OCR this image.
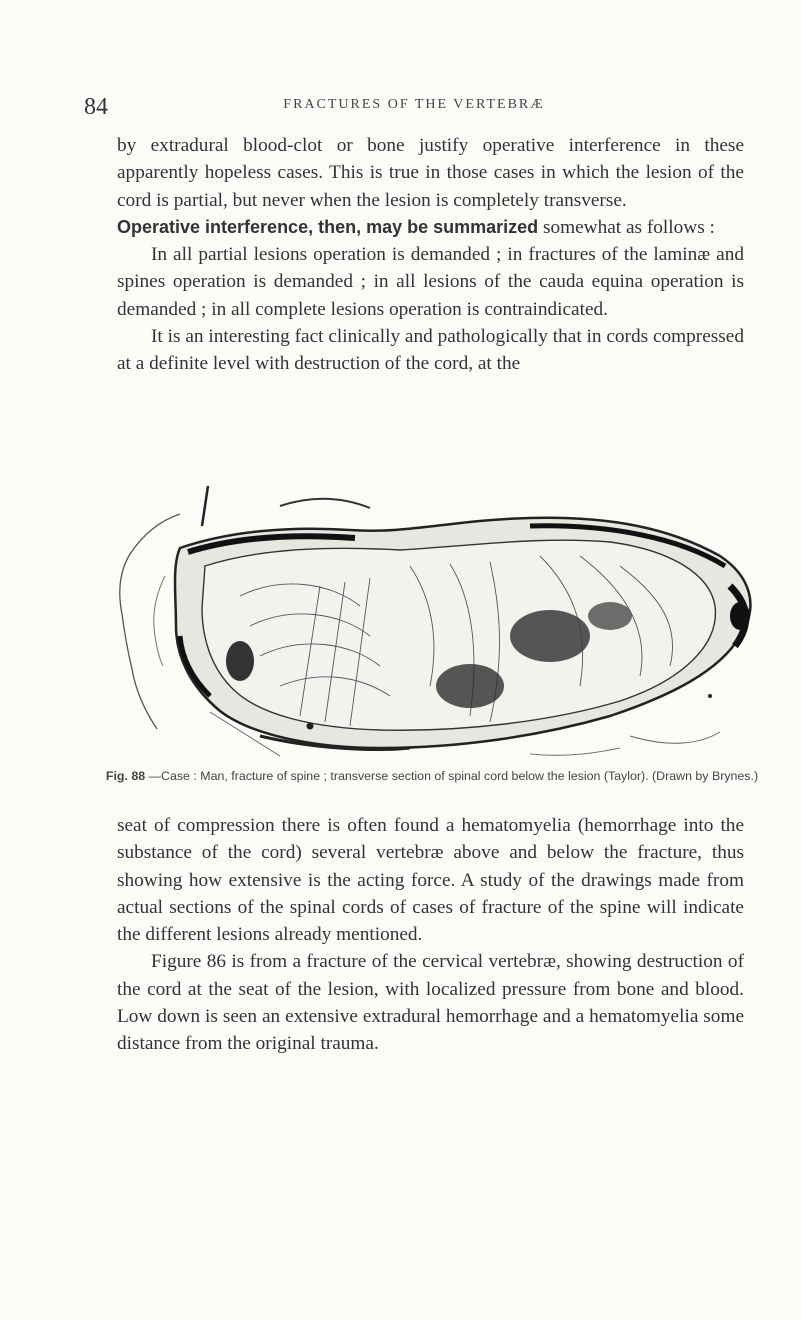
84	FRACTURES OF THE VERTEBRÆ

by extradural blood-clot or bone justify operative interference in these apparently hopeless cases. This is true in those cases in which the lesion of the cord is partial, but never when the lesion is completely transverse.

Operative interference, then, may be summarized somewhat as follows :

In all partial lesions operation is demanded ; in fractures of the laminæ and spines operation is demanded ; in all lesions of the cauda equina operation is demanded ; in all complete lesions operation is contraindicated.

It is an interesting fact clinically and pathologically that in cords compressed at a definite level with destruction of the cord, at the

Fig. 88 —Case : Man, fracture of spine ; transverse section of spinal cord below the lesion (Taylor). (Drawn by Brynes.)

seat of compression there is often found a hematomyelia (hemorrhage into the substance of the cord) several vertebræ above and below the fracture, thus showing how extensive is the acting force. A study of the drawings made from actual sections of the spinal cords of cases of fracture of the spine will indicate the different lesions already mentioned.

Figure 86 is from a fracture of the cervical vertebræ, showing destruction of the cord at the seat of the lesion, with localized pressure from bone and blood. Low down is seen an extensive extradural hemorrhage and a hematomyelia some distance from the original trauma.
